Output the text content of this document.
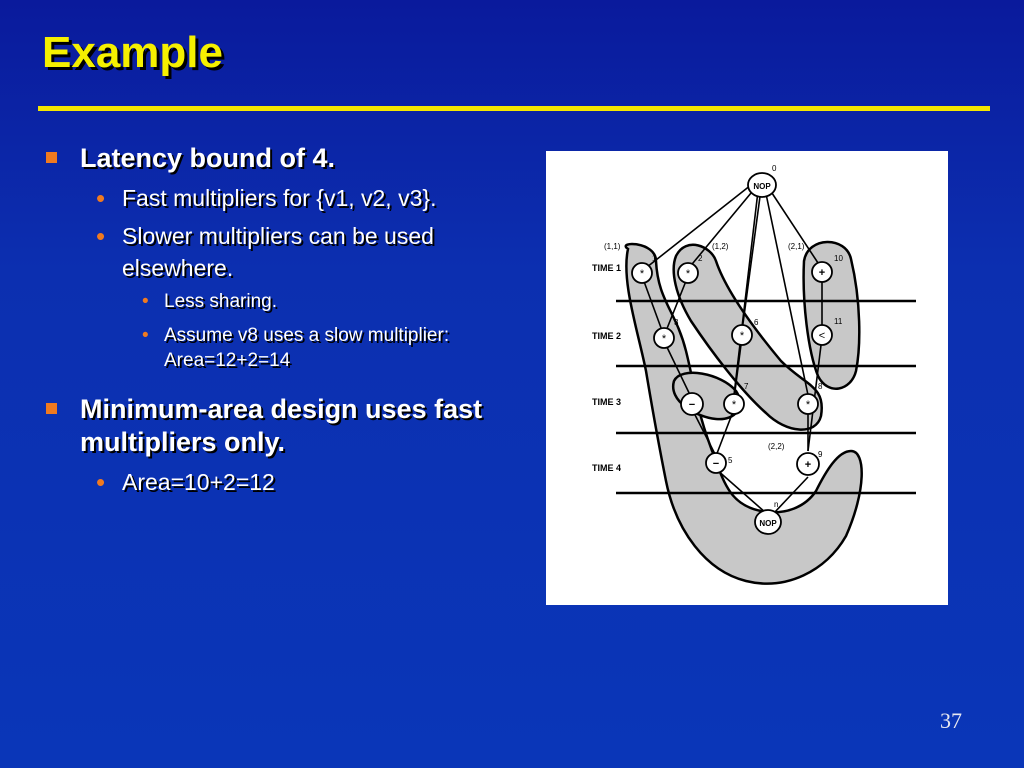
Example
Latency bound of 4.
• Fast multipliers for {v1, v2, v3}.
• Slower multipliers can be used elsewhere.
• Less sharing.
• Assume v8 uses a slow multiplier: Area=12+2=14
Minimum-area design uses fast multipliers only.
• Area=10+2=12
NOP
*	*	+
*	*	<
−	*	*
−	+
NOP
0
1	2
3	6
7	8
10
11
9
5
n
(1,1)	(1,2)	(2,1)
(2,2)
TIME 1
TIME 2
TIME 3
TIME 4
37
